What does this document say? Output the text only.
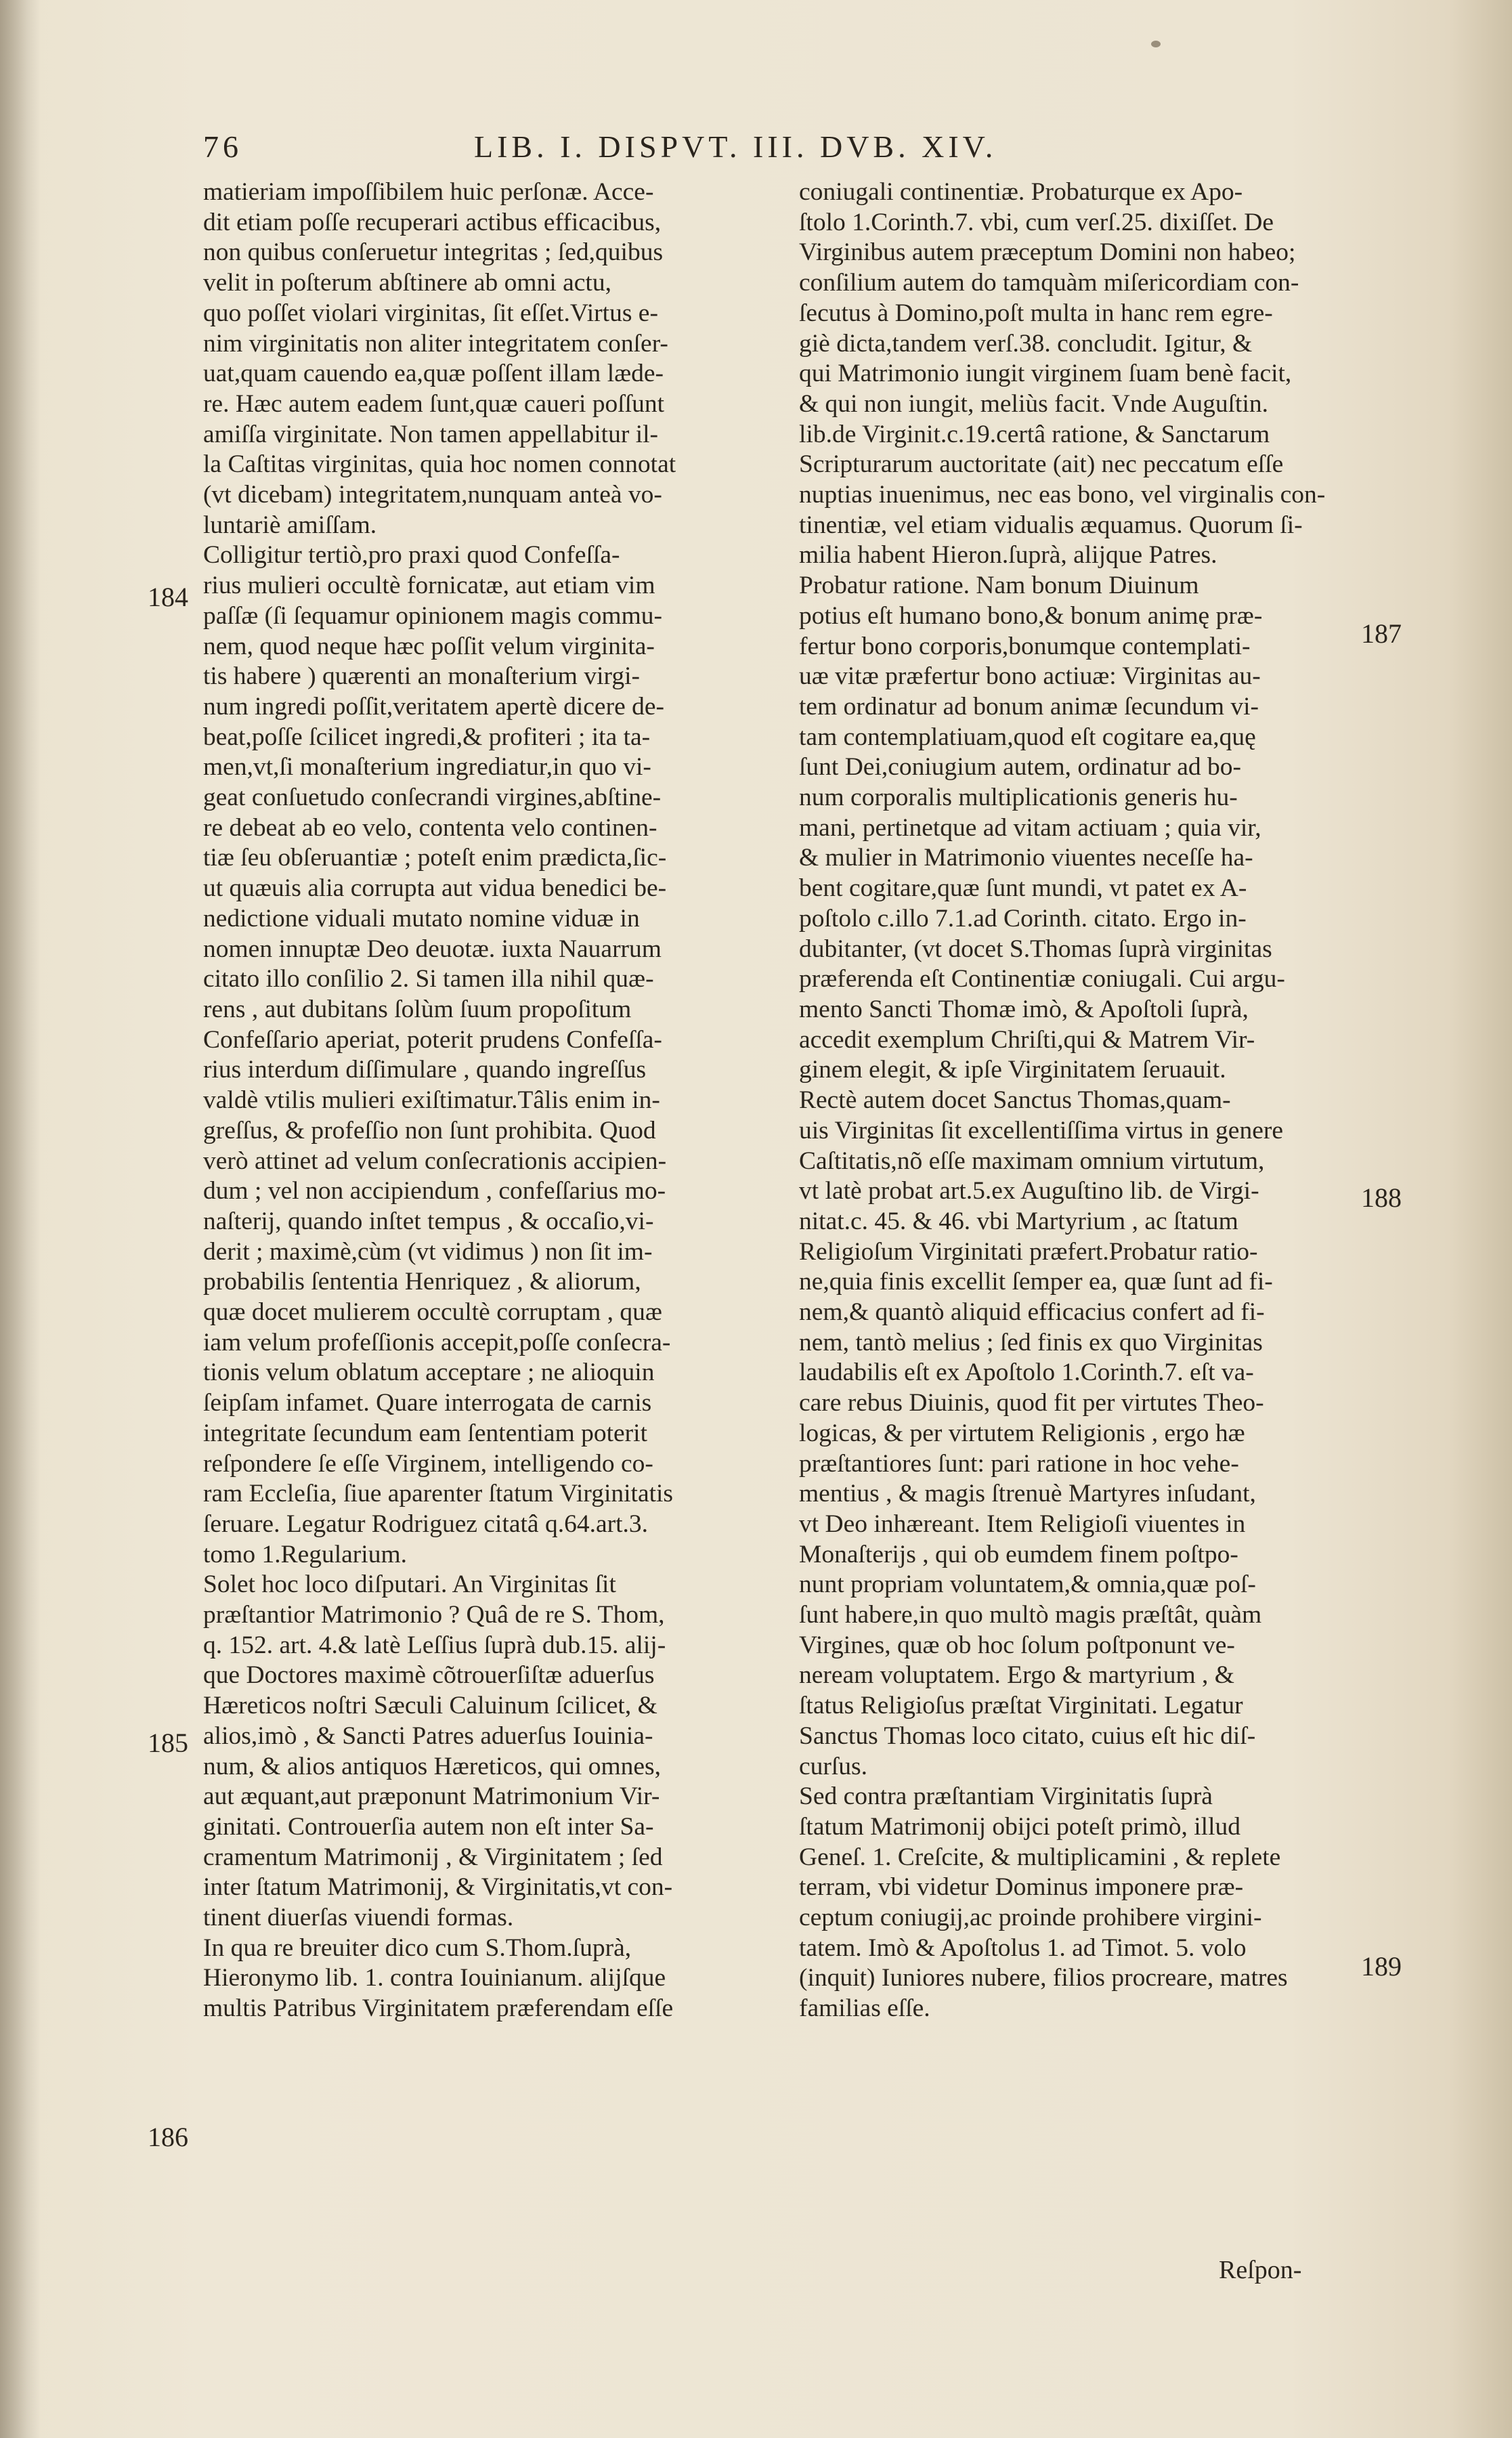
76	LIB. I. DISPVT. III. DVB. XIV.

matieriam impoſſibilem huic perſonæ. Acce-

dit etiam poſſe recuperari actibus efficacibus,

non quibus conſeruetur integritas ; ſed,quibus

velit in poſterum abſtinere ab omni actu,

quo poſſet violari virginitas, ſit eſſet.Virtus e-

nim virginitatis non aliter integritatem conſer-

uat,quam cauendo ea,quæ poſſent illam læde-

re. Hæc autem eadem ſunt,quæ caueri poſſunt

amiſſa virginitate. Non tamen appellabitur il-

la Caſtitas virginitas, quia hoc nomen connotat

(vt dicebam) integritatem,nunquam anteà vo-

luntariè amiſſam.

Colligitur tertiò,pro praxi quod Confeſſa-

rius mulieri occultè fornicatæ, aut etiam vim

paſſæ (ſi ſequamur opinionem magis commu-

nem, quod neque hæc poſſit velum virginita-

tis habere ) quærenti an monaſterium virgi-

num ingredi poſſit,veritatem apertè dicere de-

beat,poſſe ſcilicet ingredi,& profiteri ; ita ta-

men,vt,ſi monaſterium ingrediatur,in quo vi-

geat conſuetudo conſecrandi virgines,abſtine-

re debeat ab eo velo, contenta velo continen-

tiæ ſeu obſeruantiæ ; poteſt enim prædicta,ſic-

ut quæuis alia corrupta aut vidua benedici be-

nedictione viduali mutato nomine viduæ in

nomen innuptæ Deo deuotæ. iuxta Nauarrum

citato illo conſilio 2. Si tamen illa nihil quæ-

rens , aut dubitans ſolùm ſuum propoſitum

Confeſſario aperiat, poterit prudens Confeſſa-

rius interdum diſſimulare , quando ingreſſus

valdè vtilis mulieri exiſtimatur.Tâlis enim in-

greſſus, & profeſſio non ſunt prohibita. Quod

verò attinet ad velum conſecrationis accipien-

dum ; vel non accipiendum , confeſſarius mo-

naſterij, quando inſtet tempus , & occaſio,vi-

derit ; maximè,cùm (vt vidimus ) non ſit im-

probabilis ſententia Henriquez , & aliorum,

quæ docet mulierem occultè corruptam , quæ

iam velum profeſſionis accepit,poſſe conſecra-

tionis velum oblatum acceptare ; ne alioquin

ſeipſam infamet. Quare interrogata de carnis

integritate ſecundum eam ſententiam poterit

reſpondere ſe eſſe Virginem, intelligendo co-

ram Eccleſia, ſiue aparenter ſtatum Virginitatis

ſeruare. Legatur Rodriguez citatâ q.64.art.3.

tomo 1.Regularium.

Solet hoc loco diſputari. An Virginitas ſit

præſtantior Matrimonio ? Quâ de re S. Thom,

q. 152. art. 4.& latè Leſſius ſuprà dub.15. alij-

que Doctores maximè cõtrouerſiſtæ aduerſus

Hæreticos noſtri Sæculi Caluinum ſcilicet, &

alios,imò , & Sancti Patres aduerſus Iouinia-

num, & alios antiquos Hæreticos, qui omnes,

aut æquant,aut præponunt Matrimonium Vir-

ginitati. Controuerſia autem non eſt inter Sa-

cramentum Matrimonij , & Virginitatem ; ſed

inter ſtatum Matrimonij, & Virginitatis,vt con-

tinent diuerſas viuendi formas.

In qua re breuiter dico cum S.Thom.ſuprà,

Hieronymo lib. 1. contra Iouinianum. alijſque

multis Patribus Virginitatem præferendam eſſe

coniugali continentiæ. Probaturque ex Apo-

ſtolo 1.Corinth.7. vbi, cum verſ.25. dixiſſet. De

Virginibus autem præceptum Domini non habeo;

conſilium autem do tamquàm miſericordiam con-

ſecutus à Domino,poſt multa in hanc rem egre-

giè dicta,tandem verſ.38. concludit. Igitur, &

qui Matrimonio iungit virginem ſuam benè facit,

& qui non iungit, meliùs facit. Vnde Auguſtin.

lib.de Virginit.c.19.certâ ratione, & Sanctarum

Scripturarum auctoritate (ait) nec peccatum eſſe

nuptias inuenimus, nec eas bono, vel virginalis con-

tinentiæ, vel etiam vidualis æquamus. Quorum ſi-

milia habent Hieron.ſuprà, alijque Patres.

Probatur ratione. Nam bonum Diuinum

potius eſt humano bono,& bonum animę præ-

fertur bono corporis,bonumque contemplati-

uæ vitæ præfertur bono actiuæ: Virginitas au-

tem ordinatur ad bonum animæ ſecundum vi-

tam contemplatiuam,quod eſt cogitare ea,quę

ſunt Dei,coniugium autem, ordinatur ad bo-

num corporalis multiplicationis generis hu-

mani, pertinetque ad vitam actiuam ; quia vir,

& mulier in Matrimonio viuentes neceſſe ha-

bent cogitare,quæ ſunt mundi, vt patet ex A-

poſtolo c.illo 7.1.ad Corinth. citato. Ergo in-

dubitanter, (vt docet S.Thomas ſuprà virginitas

præferenda eſt Continentiæ coniugali. Cui argu-

mento Sancti Thomæ imò, & Apoſtoli ſuprà,

accedit exemplum Chriſti,qui & Matrem Vir-

ginem elegit, & ipſe Virginitatem ſeruauit.

Rectè autem docet Sanctus Thomas,quam-

uis Virginitas ſit excellentiſſima virtus in genere

Caſtitatis,nõ eſſe maximam omnium virtutum,

vt latè probat art.5.ex Auguſtino lib. de Virgi-

nitat.c. 45. & 46. vbi Martyrium , ac ſtatum

Religioſum Virginitati præfert.Probatur ratio-

ne,quia finis excellit ſemper ea, quæ ſunt ad fi-

nem,& quantò aliquid efficacius confert ad fi-

nem, tantò melius ; ſed finis ex quo Virginitas

laudabilis eſt ex Apoſtolo 1.Corinth.7. eſt va-

care rebus Diuinis, quod fit per virtutes Theo-

logicas, & per virtutem Religionis , ergo hæ

præſtantiores ſunt: pari ratione in hoc vehe-

mentius , & magis ſtrenuè Martyres inſudant,

vt Deo inhæreant. Item Religioſi viuentes in

Monaſterijs , qui ob eumdem finem poſtpo-

nunt propriam voluntatem,& omnia,quæ poſ-

ſunt habere,in quo multò magis præſtât, quàm

Virgines, quæ ob hoc ſolum poſtponunt ve-

neream voluptatem. Ergo & martyrium , &

ſtatus Religioſus præſtat Virginitati. Legatur

Sanctus Thomas loco citato, cuius eſt hic diſ-

curſus.

Sed contra præſtantiam Virginitatis ſuprà

ſtatum Matrimonij obijci poteſt primò, illud

Geneſ. 1. Creſcite, & multiplicamini , & replete

terram, vbi videtur Dominus imponere præ-

ceptum coniugij,ac proinde prohibere virgini-

tatem. Imò & Apoſtolus 1. ad Timot. 5. volo

(inquit) Iuniores nubere, filios procreare, matres

familias eſſe.

184
185
186
187
188
189
Reſpon-
